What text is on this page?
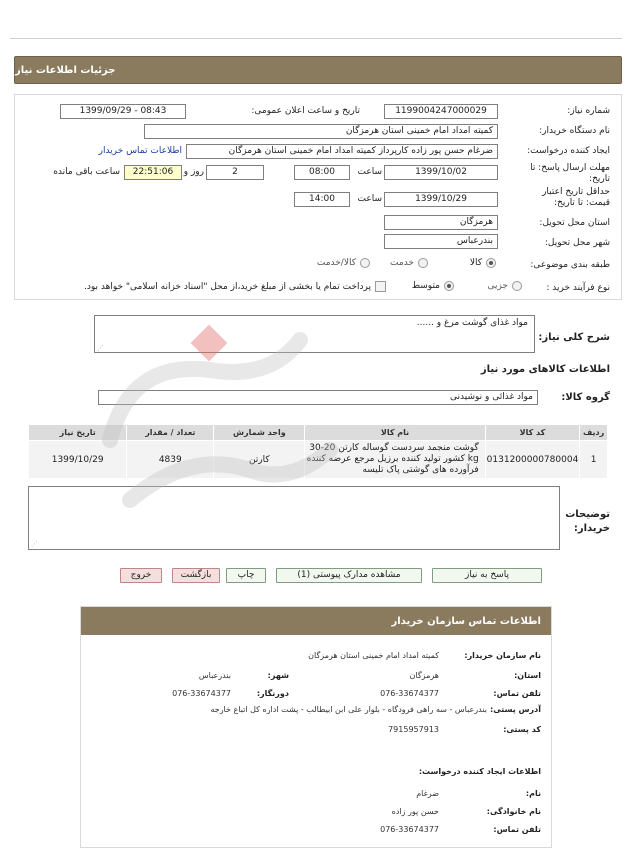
جزئیات اطلاعات نیاز
شماره نیاز:
1199004247000029
تاریخ و ساعت اعلان عمومی:
1399/09/29 - 08:43
نام دستگاه خریدار:
کمیته امداد امام خمینی استان هرمزگان
ایجاد کننده درخواست:
ضرغام حسن پور زاده کارپرداز کمیته امداد امام خمینی استان هرمزگان
اطلاعات تماس خریدار
مهلت ارسال پاسخ: تا
تاریخ:
1399/10/02
ساعت
08:00
2
روز و
22:51:06
ساعت باقی مانده
حداقل تاریخ اعتبار
قیمت: تا تاریخ:
1399/10/29
ساعت
14:00
استان محل تحویل:
هرمزگان
شهر محل تحویل:
بندرعباس
طبقه بندی موضوعی:
کالا
خدمت
کالا/خدمت
نوع فرآیند خرید :
جزیی
متوسط
پرداخت تمام یا بخشی از مبلغ خرید،از محل "اسناد خزانه اسلامی" خواهد بود.
شرح کلی نیاز:
مواد غذای گوشت مرغ و ......
⋰
اطلاعات کالاهای مورد نیاز
گروه کالا:
مواد غذائی و نوشیدنی
ردیف	کد کالا	نام کالا	واحد شمارش	تعداد / مقدار	تاریخ نیاز
1	0131200000780004	گوشت منجمد سردست گوساله کارتن 20-30 kg کشور تولید کننده برزیل مرجع عرضه کننده فرآورده های گوشتی پاک تلیسه	کارتن	4839	1399/10/29
توضیحات خریدار:
⋰
پاسخ به نیاز
مشاهده مدارک پیوستی (1)
چاپ
بازگشت
خروج
اطلاعات تماس سازمان خریدار
نام سازمان خریدار:
کمیته امداد امام خمینی استان هرمزگان
استان:
هرمزگان
شهر:
بندرعباس
تلفن تماس:
076-33674377
دورنگار:
076-33674377
آدرس پستی:
بندرعباس - سه راهی فرودگاه - بلوار علی ابن ابیطالب - پشت اداره کل اتباع خارجه
کد پستی:
7915957913
اطلاعات ایجاد کننده درخواست:
نام:
ضرغام
نام خانوادگی:
حسن پور زاده
تلفن تماس:
076-33674377
